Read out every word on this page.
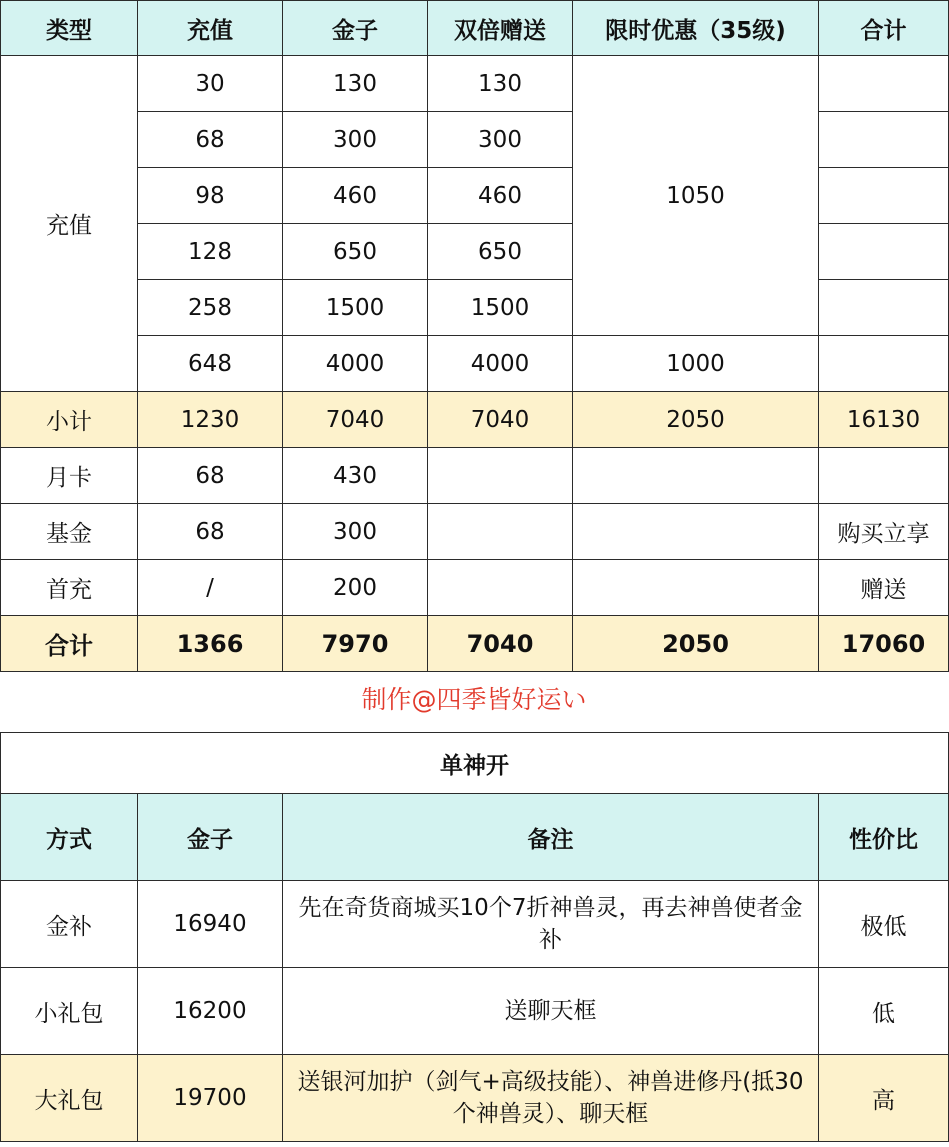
类型	充值	金子	双倍赠送	限时优惠（35级)	合计
充值	30	130	130	1050	
	68	300	300		
	98	460	460		
	128	650	650		
	258	1500	1500		
	648	4000	4000	1000	
小计	1230	7040	7040	2050	16130
月卡	68	430			
基金	68	300			购买立享
首充	/	200			赠送
合计	1366	7970	7040	2050	17060
制作@四季皆好运い
单神开			
方式	金子	备注	性价比
金补	16940	先在奇货商城买10个7折神兽灵，再去神兽使者金补	极低
小礼包	16200	送聊天框	低
大礼包	19700	送银河加护（剑气+高级技能）、神兽进修丹(抵30个神兽灵）、聊天框	高
